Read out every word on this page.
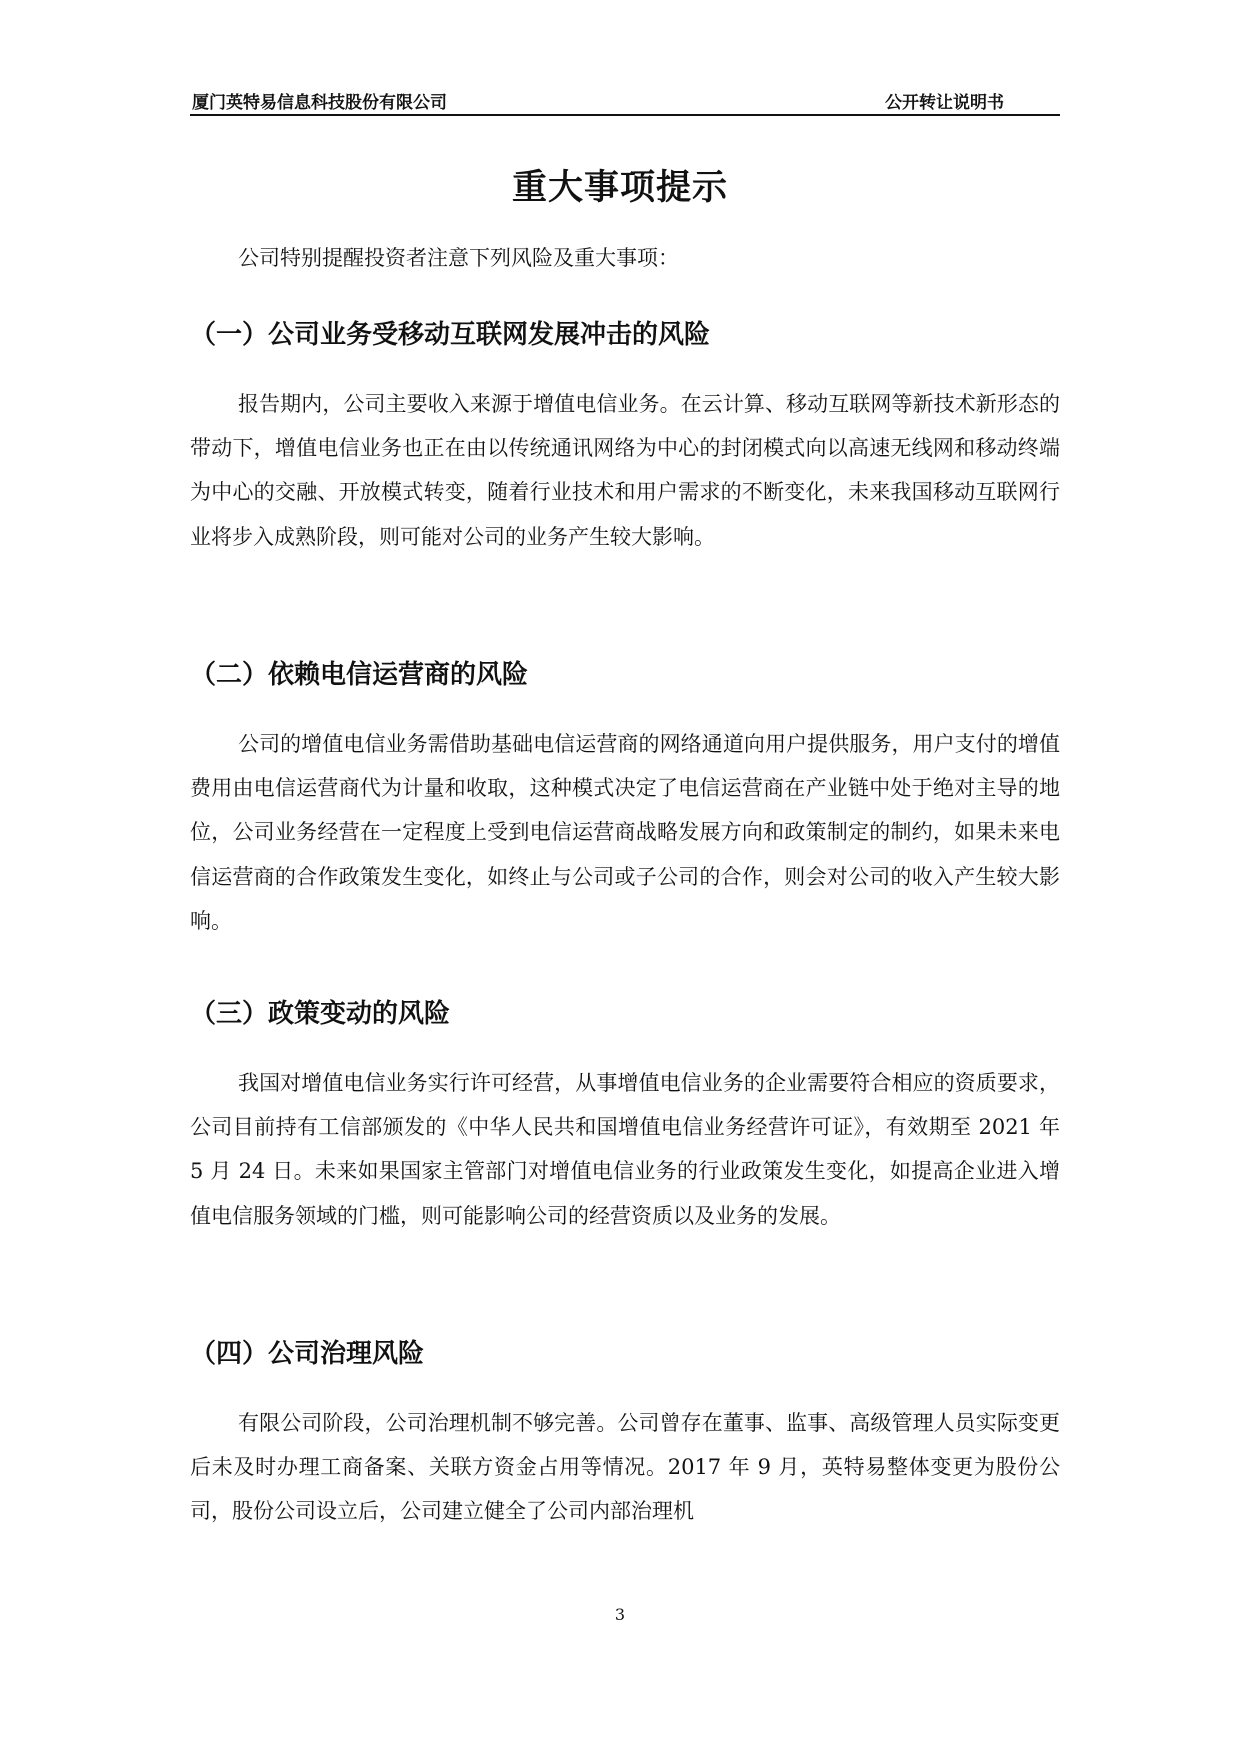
厦门英特易信息科技股份有限公司	公开转让说明书
重大事项提示
公司特别提醒投资者注意下列风险及重大事项：
（一）公司业务受移动互联网发展冲击的风险

报告期内，公司主要收入来源于增值电信业务。在云计算、移动互联网等新技术新形态的带动下，增值电信业务也正在由以传统通讯网络为中心的封闭模式向以高速无线网和移动终端为中心的交融、开放模式转变，随着行业技术和用户需求的不断变化，未来我国移动互联网行业将步入成熟阶段，则可能对公司的业务产生较大影响。

（二）依赖电信运营商的风险

公司的增值电信业务需借助基础电信运营商的网络通道向用户提供服务，用户支付的增值费用由电信运营商代为计量和收取，这种模式决定了电信运营商在产业链中处于绝对主导的地位，公司业务经营在一定程度上受到电信运营商战略发展方向和政策制定的制约，如果未来电信运营商的合作政策发生变化，如终止与公司或子公司的合作，则会对公司的收入产生较大影响。

（三）政策变动的风险

我国对增值电信业务实行许可经营，从事增值电信业务的企业需要符合相应的资质要求，公司目前持有工信部颁发的《中华人民共和国增值电信业务经营许可证》，有效期至 2021 年 5 月 24 日。未来如果国家主管部门对增值电信业务的行业政策发生变化，如提高企业进入增值电信服务领域的门槛，则可能影响公司的经营资质以及业务的发展。

（四）公司治理风险

有限公司阶段，公司治理机制不够完善。公司曾存在董事、监事、高级管理人员实际变更后未及时办理工商备案、关联方资金占用等情况。2017 年 9 月，英特易整体变更为股份公司，股份公司设立后，公司建立健全了公司内部治理机

3
